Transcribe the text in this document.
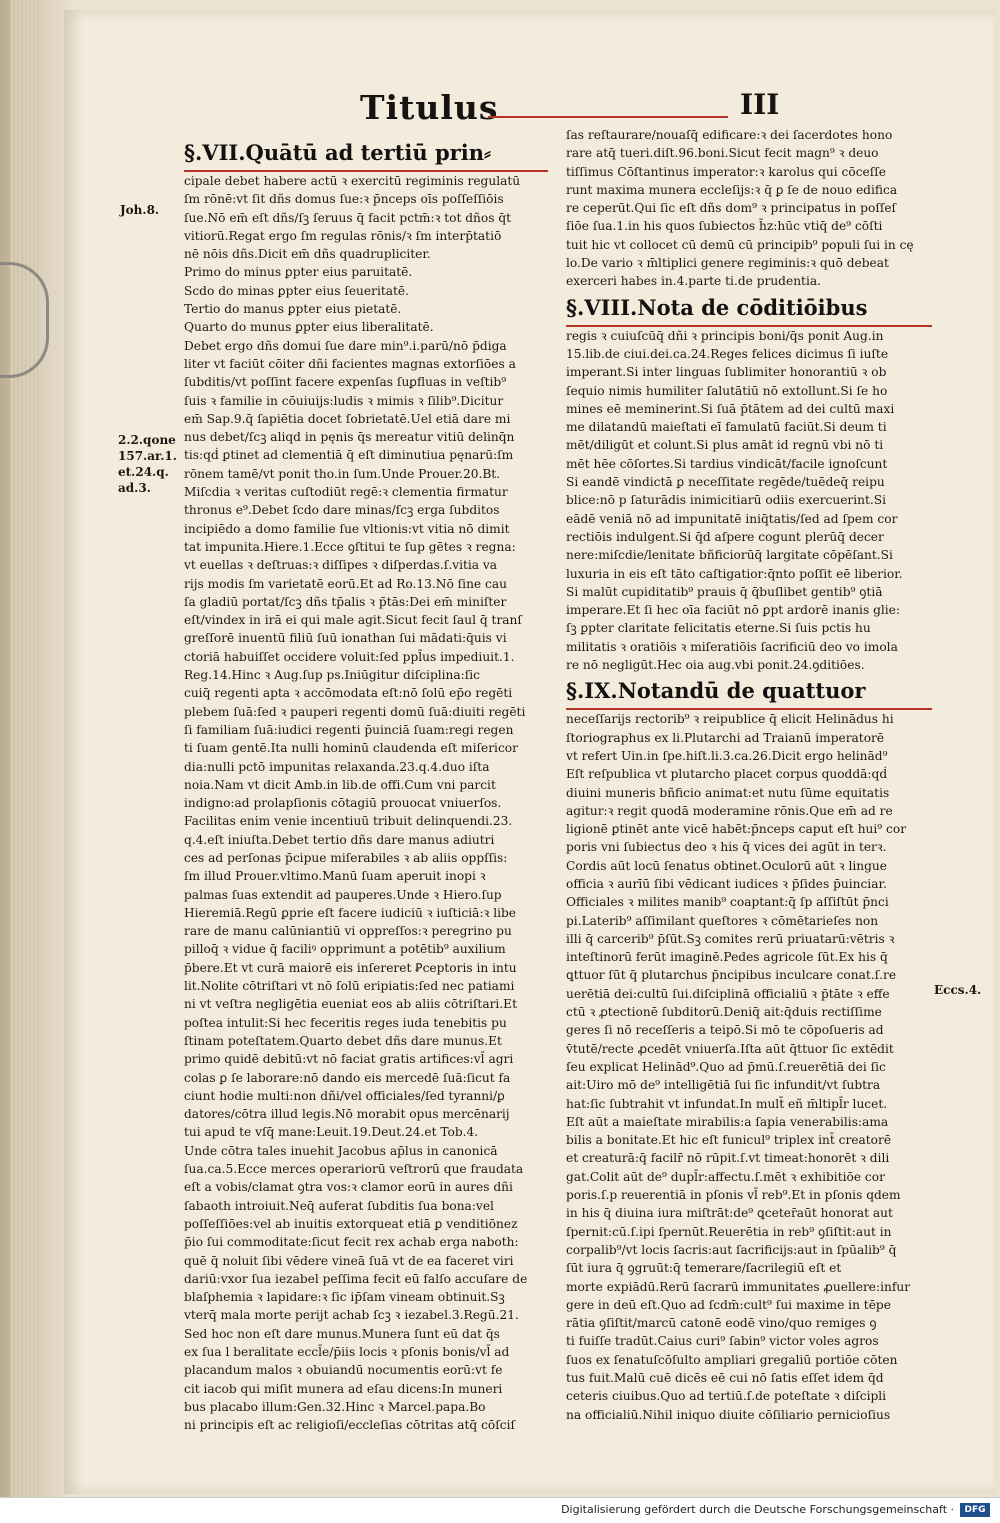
Titulus	III
Joh.8.
2.2.qone
157.ar.1.
et.24.q.
ad.3.
Eccs.4.
§.VII.Quātū ad tertiū prin⸗
cipale debet habere actū ꝛ exercitū regiminis regulatū
ſm rōnē:vt ſit dñs domus ſue:ꝛ p̄nceps oīs poſſeſſiōis
ſue.Nō em̄ eſt dñs/ſꝫ ſeruus q̄ facit pctm̄:ꝛ tot dños q̄t
vitiorū.Regat ergo ſm regulas rōnis/ꝛ ſm interp̄tatiō
nē nōis dñs.Dicit em̄ dñs quadrupliciter.
Primo do minus ꝑpter eius paruitatē.
Scdo do minas ꝑpter eius ſeueritatē.
Tertio do manus ꝑpter eius pietatē.
Quarto do munus ꝑpter eius liberalitatē.
Debet ergo dñs domui ſue dare min⁹.i.parū/nō p̄diga
liter vt faciūt cōiter dñi facientes magnas extorſiōes a
ſubditis/vt poſſint facere expenſas ſuꝑfluas in veſtib⁹
ſuis ꝛ familie in cōuiuijs:ludis ꝛ mimis ꝛ ſilib⁹.Dicitur
em̄ Sap.9.q̄ ſapiētia docet ſobrietatē.Uel etiā dare mi
nus debet/ſcꝫ aliqd in pęnis q̄s mereatur vitiū delinq̄n
tis:qḋ ꝑtinet ad clementiā q̄ eſt diminutiua pęnarū:ſm
rōnem tamē/vt ponit tho.in ſum.Unde Prouer.20.Bt.
Miſcdia ꝛ veritas cuſtodiūt regē:ꝛ clementia firmatur
thronus e⁹.Debet ſcdo dare minas/ſcꝫ erga ſubditos
incipiēdo a domo familie ſue vltionis:vt vitia nō dimit
tat impunita.Hiere.1.Ecce ꝯſtitui te ſup gētes ꝛ regna:
vt euellas ꝛ deſtruas:ꝛ diſſipes ꝛ diſperdas.ſ.vitia va
rijs modis ſm varietatē eorū.Et ad Ro.13.Nō ſine cau
ſa gladiū portat/ſcꝫ dñs tp̄alis ꝛ p̄tās:Dei em̄ miniſter
eſt/vindex in irā ei qui male agit.Sicut fecit ſaul q̄ tranſ
greſſorē inuentū filiū ſuū ionathan ſui mādati:q̄uis vi
ctoriā habuiſſet occidere voluit:ſed ppl̄us impediuit.1.
Reg.14.Hinc ꝛ Aug.ſup ps.Iniūgitur diſciplina:ſic
cuiq̄ regenti apta ꝛ accōmodata eſt:nō ſolū ep̄o regēti
plebem ſuā:ſed ꝛ pauperi regenti domū ſuā:diuiti regēti
ſi familiam ſuā:iudici regenti p̄uinciā ſuam:regi regen
ti ſuam gentē.Ita nulli hominū claudenda eſt miſericor
dia:nulli pctō impunitas relaxanda.23.q.4.duo iſta
noia.Nam vt dicit Amb.in lib.de offi.Cum vni parcit
indigno:ad prolapſionis cōtagiū prouocat vniuerſos.
Facilitas enim venie incentiuū tribuit delinquendi.23.
q.4.eſt iniuſta.Debet tertio dñs dare manus adiutri
ces ad perſonas p̄cipue miſerabiles ꝛ ab aliis oppſſis:
ſm illud Prouer.vltimo.Manū ſuam aperuit inopi ꝛ
palmas ſuas extendit ad pauperes.Unde ꝛ Hiero.ſup
Hieremiā.Regū ꝑprie eſt facere iudiciū ꝛ iuſticiā:ꝛ libe
rare de manu calūniantiū vi oppreſſos:ꝛ peregrino pu
pilloq̄ ꝛ vidue q̄ faciliꝰ opprimunt a potētib⁹ auxilium
p̄bere.Et vt curā maiorē eis inſereret Ꝑceptoris in intu
lit.Nolite cōtriſtari vt nō ſolū eripiatis:ſed nec patiami
ni vt veſtra negligētia eueniat eos ab aliis cōtriſtari.Et
poſtea intulit:Si hec feceritis reges iuda tenebitis pu
ſtinam poteſtatem.Quarto debet dñs dare munus.Et
primo quidē debitū:vt nō faciat gratis artifices:vl̄ agri
colas ꝑ ſe laborare:nō dando eis mercedē ſuā:ſicut fa
ciunt hodie multi:non dñi/vel officiales/ſed tyranni/ꝑ
datores/cōtra illud legis.Nō morabit opus mercēnarij
tui apud te vſq̄ mane:Leuit.19.Deut.24.et Tob.4.
Unde cōtra tales inuehit Jacobus ap̄lus in canonicā
ſua.ca.5.Ecce merces operariorū veſtrorū que fraudata
eſt a vobis/clamat ꝯtra vos:ꝛ clamor eorū in aures dñi
ſabaoth introiuit.Neq̄ auferat ſubditis ſua bona:vel
poſſeſſiōes:vel ab inuitis extorqueat etiā ꝑ venditiōnez
p̄io ſui commoditate:ſicut fecit rex achab erga naboth:
quē q̄ noluit ſibi vēdere vineā ſuā vt de ea faceret viri
dariū:vxor ſua iezabel peſſima fecit eū falſo accuſare de
blaſphemia ꝛ lapidare:ꝛ ſic ip̄ſam vineam obtinuit.Sꝫ
vterq̄ mala morte perijt achab ſcꝫ ꝛ iezabel.3.Regū.21.
Sed hoc non eſt dare munus.Munera ſunt eū dat q̄s
ex ſua l beralitate eccl̄e/p̄iis locis ꝛ pſonis bonis/vl̄ ad
placandum malos ꝛ obuiandū nocumentis eorū:vt fe
cit iacob qui miſit munera ad eſau dicens:In muneri
bus placabo illum:Gen.32.Hinc ꝛ Marcel.papa.Bo
ni principis eſt ac religioſi/eccleſias cōtritas atq̄ cōſciſ
ſas reſtaurare/nouaſq̄ edificare:ꝛ dei ſacerdotes hono
rare atq̄ tueri.diſt.96.boni.Sicut fecit magn⁹ ꝛ deuo
tiſſimus Cōſtantinus imperator:ꝛ karolus qui cōceſſe
runt maxima munera eccleſijs:ꝛ q̄ ꝑ ſe de nouo edifica
re ceperūt.Qui ſic eſt dñs dom⁹ ꝛ principatus in poſſeſ
ſiōe ſua.1.in his quos ſubiectos h̄z:hūc vtiq̄ de⁹ cōſti
tuit hic vt collocet cū demū cū principib⁹ populi ſui in cę
lo.De vario ꝛ m̄ltiplici genere regiminis:ꝛ quō debeat
exerceri habes in.4.parte ti.de prudentia.
§.VIII.Nota de cōditiōibus
regis ꝛ cuiuſcūq̄ dñi ꝛ principis boni/q̄s ponit Aug.in
15.lib.de ciui.dei.ca.24.Reges felices dicimus ſi iuſte
imperant.Si inter linguas ſublimiter honorantiū ꝛ ob
ſequio nimis humiliter ſalutātiū nō extollunt.Si ſe ho
mines eē meminerint.Si ſuā p̄tātem ad dei cultū maxi
me dilatandū maieſtati eī famulatū faciūt.Si deum ti
mēt/diligūt et colunt.Si plus amāt id regnū vbi nō ti
mēt hēe cōſortes.Si tardius vindicāt/facile ignoſcunt
Si eandē vindictā ꝑ neceſſitate regēde/tuēdeq̄ reipu
blice:nō p ſaturādis inimicitiarū odiis exercuerint.Si
eādē veniā nō ad impunitatē iniq̄tatis/ſed ad ſpem cor
rectiōis indulgent.Si q̄d aſpere cogunt plerūq̄ decer
nere:miſcdie/lenitate bñficiorūq̄ largitate cōpēſant.Si
luxuria in eis eſt tāto caſtigatior:q̄nto poſſit eē liberior.
Si malūt cupiditatib⁹ prauis q̄ q̄buſlibet gentib⁹ ꝯtiā
imperare.Et ſi hec oīa faciūt nō ꝑpt ardorē inanis glie:
ſꝫ ꝑpter claritate felicitatis eterne.Si ſuis pctis hu
militatis ꝛ oratiōis ꝛ miſeratiōis ſacrificiū deo vo imola
re nō negligūt.Hec oia aug.vbi ponit.24.ꝯditiōes.
§.IX.Notandū de quattuor
neceſſarijs rectorib⁹ ꝛ reipublice q̄ elicit Helinādus hi
ſtoriographus ex li.Plutarchi ad Traianū imperatorē
vt refert Uin.in ſpe.hiſt.li.3.ca.26.Dicit ergo helinād⁹
Eſt reſpublica vt plutarcho placet corpus quoddā:qḋ
diuini muneris bñficio animat:et nutu ſūme equitatis
agitur:ꝛ regit quodā moderamine rōnis.Que em̄ ad re
ligionē ꝑtinēt ante vicē habēt:p̄nceps caput eſt hui⁹ cor
poris vni ſubiectus deo ꝛ his q̄ vices dei agūt in terꝛ.
Cordis aūt locū ſenatus obtinet.Oculorū aūt ꝛ lingue
officia ꝛ aurīū ſibi vēdicant iudices ꝛ p̄ſides p̄uinciar.
Officiales ꝛ milites manib⁹ coaptant:q̄ ſp aſſiſtūt p̄nci
pi.Laterib⁹ aſſimilant queſtores ꝛ cōmētarieſes non
illi q̄ carcerib⁹ p̄ſūt.Sꝫ comites rerū priuatarū:vētris ꝛ
inteſtinorū ferūt imaginē.Pedes agricole ſūt.Ex his q̄
ꝗttuor ſūt q̄ plutarchus p̄ncipibus inculcare conat.ſ.re
uerētiā dei:cultū ſui.diſciplinā officialiū ꝛ p̄tāte ꝛ effe
ctū ꝛ ꝓtectionē ſubditorū.Deniq̄ ait:q̄duis rectiſſime
geres ſi nō receſſeris a teipō.Si mō te cōpoſueris ad
v̄tutē/recte ꝓcedēt vniuerſa.Iſta aūt q̄ttuor ſic extēdit
ſeu explicat Helinād⁹.Quo ad p̄mū.ſ.reuerētiā dei ſic
ait:Uiro mō de⁹ intelligētiā ſui ſic infundit/vt ſubtra
hat:ſic ſubtrahit vt infundat.In mult̄ eñ m̄ltipl̄r lucet.
Eſt aūt a maieſtate mirabilis:a ſapia venerabilis:ama
bilis a bonitate.Et hic eſt funicul⁹ triplex int̄ creatorē
et creaturā:q̄ facilr̄ nō rūpit.ſ.vt timeat:honorēt ꝛ dili
gat.Colit aūt de⁹ dupl̄r:affectu.ſ.mēt ꝛ exhibitiōe cor
poris.ſ.p reuerentiā in pſonis vl̄ reb⁹.Et in pſonis qdem
in his q̄ diuina iura miſtrāt:de⁹ ꝗceter̄aūt honorat aut
ſpernit:cū.ſ.ipi ſpernūt.Reuerētia in reb⁹ ꝯſiſtit:aut in
corpalib⁹/vt locis ſacris:aut ſacrificijs:aut in ſpūalib⁹ q̄
ſūt iura q̄ ꝯgruūt:q̄ temerare/ſacrilegiū eſt et
morte expiādū.Rerū ſacrarū immunitates ꝓuellere:infur
gere in deū eſt.Quo ad ſcdm̄:cult⁹ ſui maxime in tēpe
rātia ꝯſiſtit/marcū catonē eodē vino/quo remiges ꝯ
ti fuiſſe tradūt.Caius curi⁹ ſabin⁹ victor voles agros
ſuos ex ſenatuſcōſulto ampliari gregaliū portiōe cōten
tus fuit.Malū cuē dicēs eē cui nō ſatis eſſet idem q̄d
ceteris ciuibus.Quo ad tertiū.ſ.de poteſtate ꝛ diſcipli
na officialiū.Nihil iniquo diuite cōſiliario pernicioſius
Digitalisierung gefördert durch die Deutsche Forschungsgemeinschaft ·	DFG
